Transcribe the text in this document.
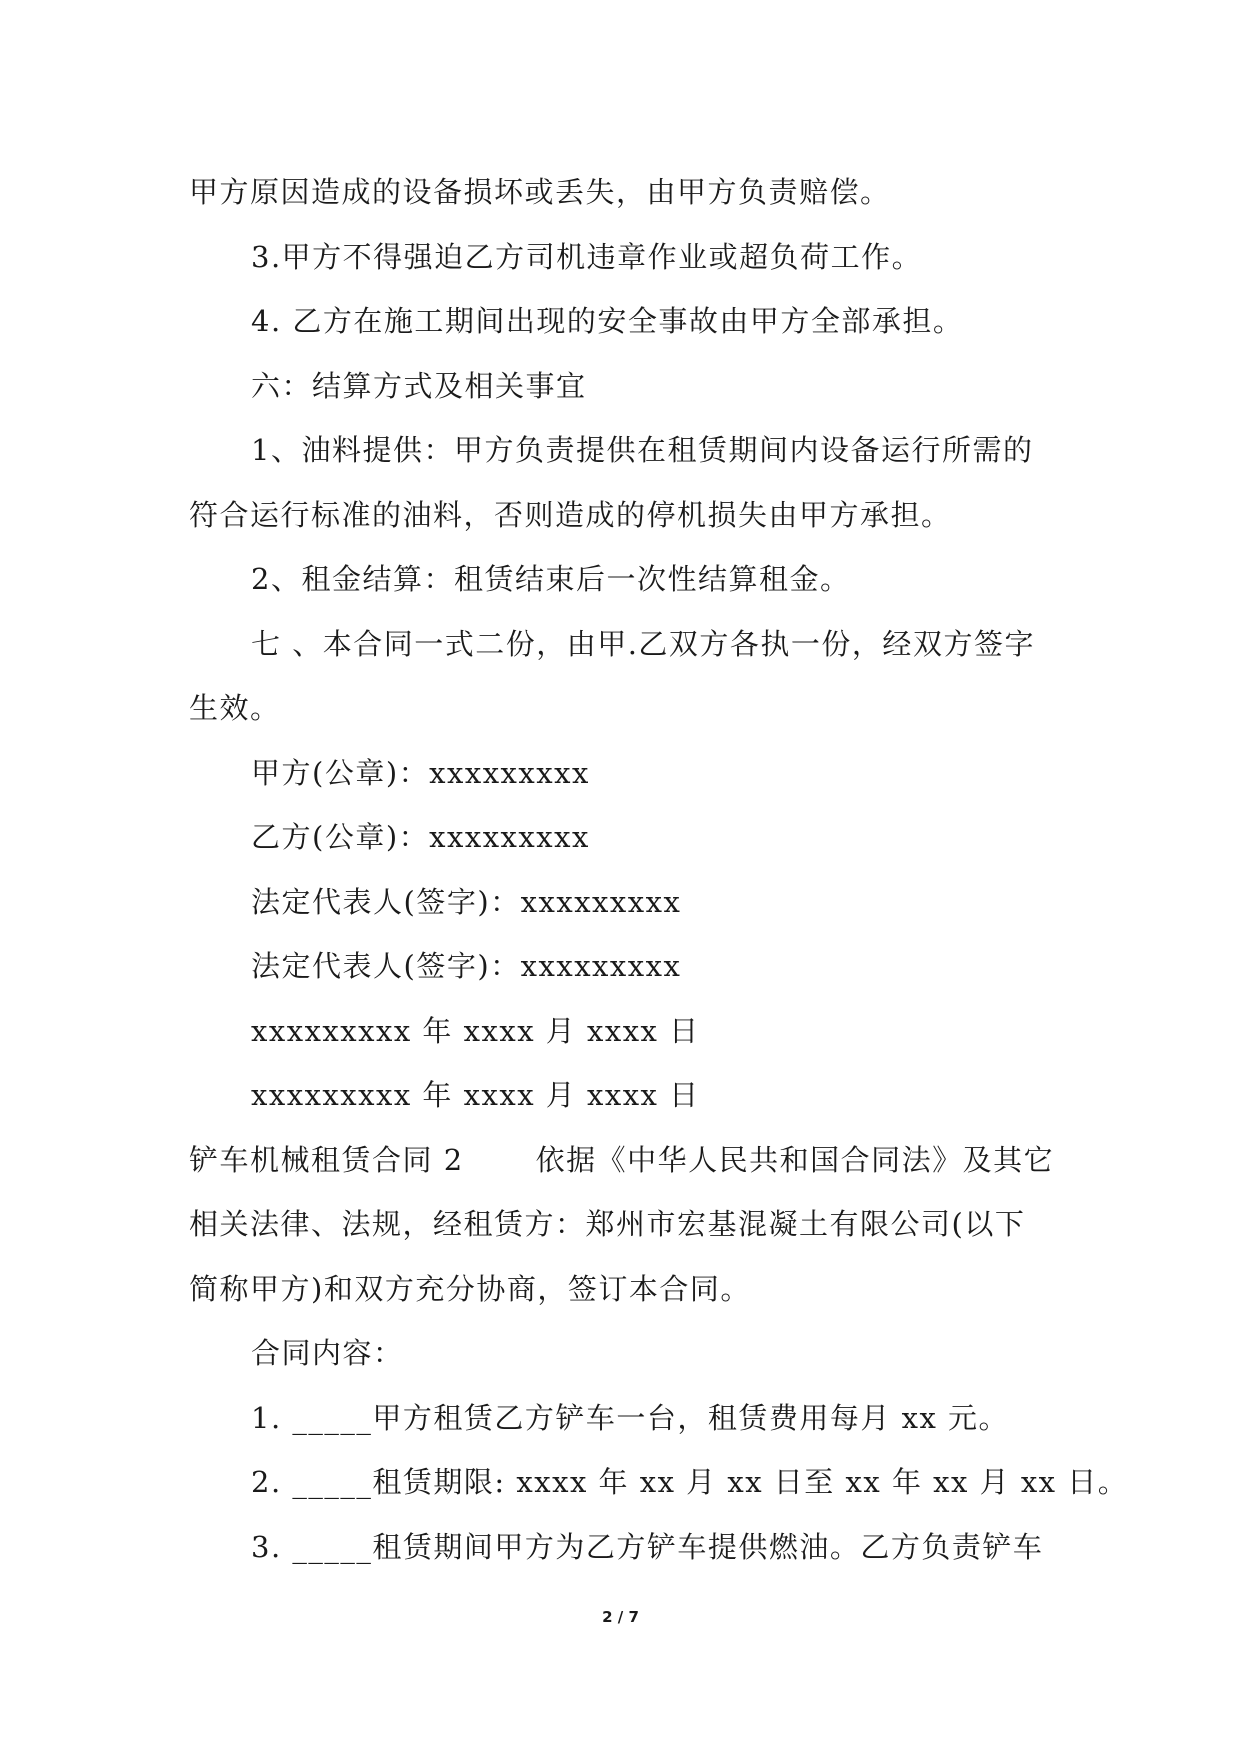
甲方原因造成的设备损坏或丢失，由甲方负责赔偿。
3.甲方不得强迫乙方司机违章作业或超负荷工作。
4. 乙方在施工期间出现的安全事故由甲方全部承担。
六：结算方式及相关事宜
1、油料提供：甲方负责提供在租赁期间内设备运行所需的
符合运行标准的油料，否则造成的停机损失由甲方承担。
2、租金结算：租赁结束后一次性结算租金。
七 、本合同一式二份，由甲.乙双方各执一份，经双方签字
生效。
甲方(公章)：xxxxxxxxx
乙方(公章)：xxxxxxxxx
法定代表人(签字)：xxxxxxxxx
法定代表人(签字)：xxxxxxxxx
xxxxxxxxx 年 xxxx 月 xxxx 日
xxxxxxxxx 年 xxxx 月 xxxx 日
铲车机械租赁合同 2 依据《中华人民共和国合同法》及其它
相关法律、法规，经租赁方：郑州市宏基混凝土有限公司(以下
简称甲方)和双方充分协商，签订本合同。
合同内容：
1. _____甲方租赁乙方铲车一台，租赁费用每月 xx 元。
2. _____租赁期限: xxxx 年 xx 月 xx 日至 xx 年 xx 月 xx 日。
3. _____租赁期间甲方为乙方铲车提供燃油。乙方负责铲车
2 / 7
